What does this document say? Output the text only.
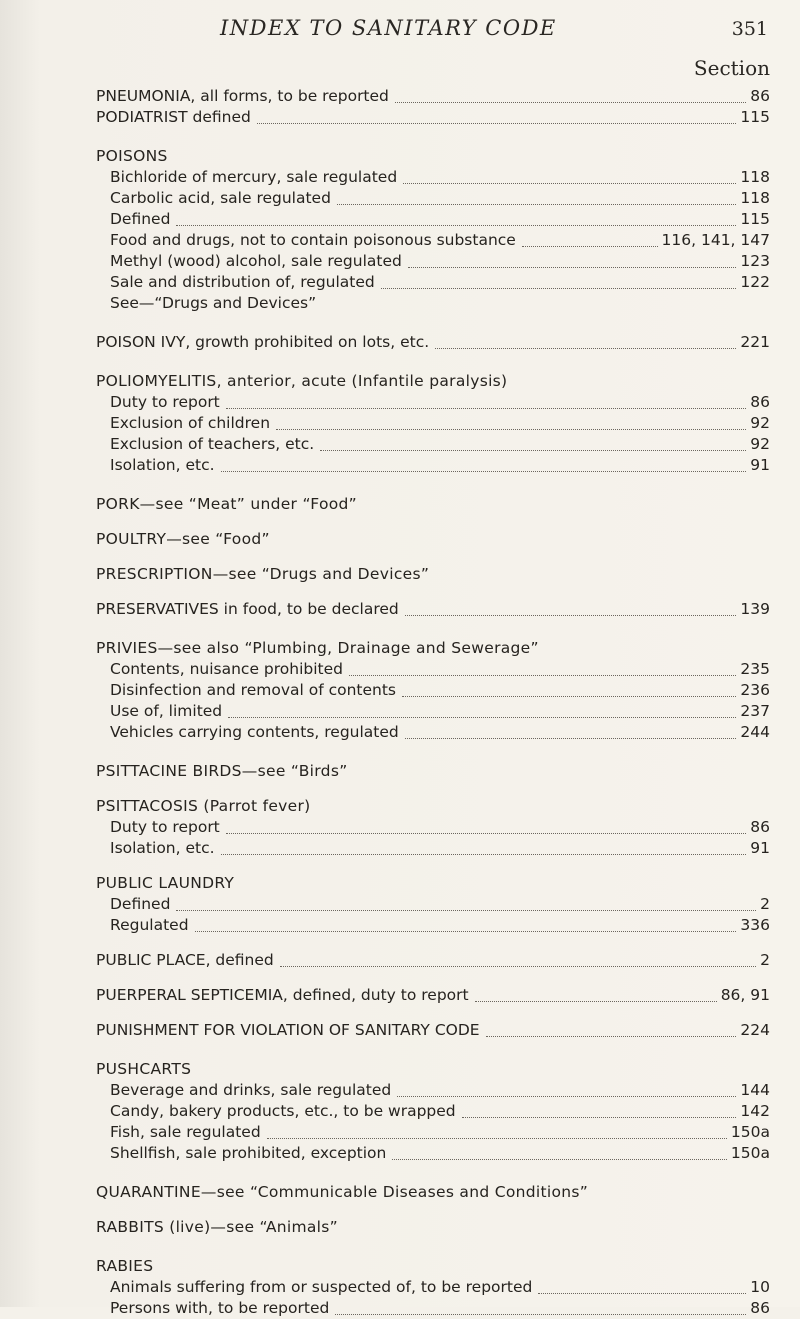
INDEX TO SANITARY CODE	351
Section
PNEUMONIA, all forms, to be reported	86
PODIATRIST defined	115
POISONS
Bichloride of mercury, sale regulated	118
Carbolic acid, sale regulated	118
Defined	115
Food and drugs, not to contain poisonous substance	116, 141, 147
Methyl (wood) alcohol, sale regulated	123
Sale and distribution of, regulated	122
See—“Drugs and Devices”
POISON IVY, growth prohibited on lots, etc.	221
POLIOMYELITIS, anterior, acute (Infantile paralysis)
Duty to report	86
Exclusion of children	92
Exclusion of teachers, etc.	92
Isolation, etc.	91
PORK—see “Meat” under “Food”
POULTRY—see “Food”
PRESCRIPTION—see “Drugs and Devices”
PRESERVATIVES in food, to be declared	139
PRIVIES—see also “Plumbing, Drainage and Sewerage”
Contents, nuisance prohibited	235
Disinfection and removal of contents	236
Use of, limited	237
Vehicles carrying contents, regulated	244
PSITTACINE BIRDS—see “Birds”
PSITTACOSIS (Parrot fever)
Duty to report	86
Isolation, etc.	91
PUBLIC LAUNDRY
Defined	2
Regulated	336
PUBLIC PLACE, defined	2
PUERPERAL SEPTICEMIA, defined, duty to report	86, 91
PUNISHMENT FOR VIOLATION OF SANITARY CODE	224
PUSHCARTS
Beverage and drinks, sale regulated	144
Candy, bakery products, etc., to be wrapped	142
Fish, sale regulated	150a
Shellfish, sale prohibited, exception	150a
QUARANTINE—see “Communicable Diseases and Conditions”
RABBITS (live)—see “Animals”
RABIES
Animals suffering from or suspected of, to be reported	10
Persons with, to be reported	86
